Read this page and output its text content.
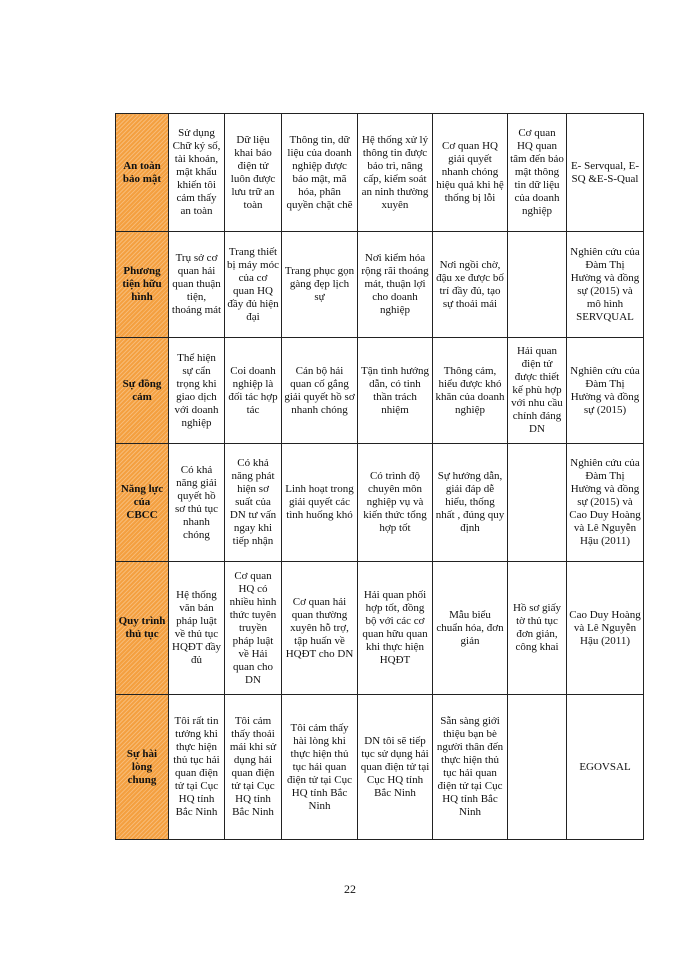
An toàn bảo mật	Sử dụng Chữ ký số, tài khoản, mật khẩu khiến tôi cảm thấy an toàn	Dữ liệu khai báo điện tử luôn được lưu trữ an toàn	Thông tin, dữ liệu của doanh nghiệp được bảo mật, mã hóa, phân quyền chặt chẽ	Hệ thống xử lý thông tin được bảo trì, nâng cấp, kiểm soát an ninh thường xuyên	Cơ quan HQ giải quyết nhanh chóng hiệu quả khi hệ thống bị lỗi	Cơ quan HQ quan tâm đến bảo mật thông tin dữ liệu của doanh nghiệp	E- Servqual, E-SQ &E-S-Qual
Phương tiện hữu hình	Trụ sở cơ quan hải quan thuận tiện, thoáng mát	Trang thiết bị máy móc của cơ quan HQ đầy đủ hiện đại	Trang phục gọn gàng đẹp lịch sự	Nơi kiểm hóa rộng rãi thoáng mát, thuận lợi cho doanh nghiệp	Nơi ngồi chờ, đậu xe được bố trí đầy đủ, tạo sự thoải mái		Nghiên cứu của Đàm Thị Hường và đồng sự (2015) và mô hình SERVQUAL
Sự đồng cảm	Thể hiện sự cẩn trọng khi giao dịch với doanh nghiệp	Coi doanh nghiệp là đối tác hợp tác	Cán bộ hải quan cố gắng giải quyết hồ sơ nhanh chóng	Tận tình hướng dẫn, có tinh thần trách nhiệm	Thông cảm, hiểu được khó khăn của doanh nghiệp	Hải quan điện tử được thiết kế phù hợp với nhu cầu chính đáng DN	Nghiên cứu của Đàm Thị Hường và đồng sự (2015)
Năng lực của CBCC	Có khả năng giải quyết hồ sơ thủ tục nhanh chóng	Có khả năng phát hiện sơ suất của DN tư vấn ngay khi tiếp nhận	Linh hoạt trong giải quyết các tình huống khó	Có trình độ chuyên môn nghiệp vụ và kiến thức tổng hợp tốt	Sự hướng dẫn, giải đáp dễ hiểu, thống nhất , đúng quy định		Nghiên cứu của Đàm Thị Hường và đồng sự (2015) và Cao Duy Hoàng và Lê Nguyễn Hậu (2011)
Quy trình thủ tục	Hệ thống văn bản pháp luật về thủ tục HQĐT đầy đủ	Cơ quan HQ có nhiều hình thức tuyên truyền pháp luật về Hải quan cho DN	Cơ quan hải quan thường xuyên hỗ trợ, tập huấn về HQĐT cho DN	Hải quan phối hợp tốt, đồng bộ với các cơ quan hữu quan khi thực hiện HQĐT	Mẫu biểu chuẩn hóa, đơn giản	Hồ sơ giấy tờ thủ tục đơn giản, công khai	Cao Duy Hoàng và Lê Nguyễn Hậu (2011)
Sự hài lòng chung	Tôi rất tin tưởng khi thực hiện thủ tục hải quan điện tử tại Cục HQ tỉnh Bắc Ninh	Tôi cảm thấy thoải mái khi sử dụng hải quan điện tử tại Cục HQ tỉnh Bắc Ninh	Tôi cảm thấy hài lòng khi thực hiện thủ tục hải quan điện tử tại Cục HQ tỉnh Bắc Ninh	DN tôi sẽ tiếp tục sử dụng hải quan điện tử tại Cục HQ tỉnh Bắc Ninh	Sẵn sàng giới thiệu bạn bè người thân đến thực hiện thủ tục hải quan điện tử tại Cục HQ tỉnh Bắc Ninh		EGOVSAL
22
